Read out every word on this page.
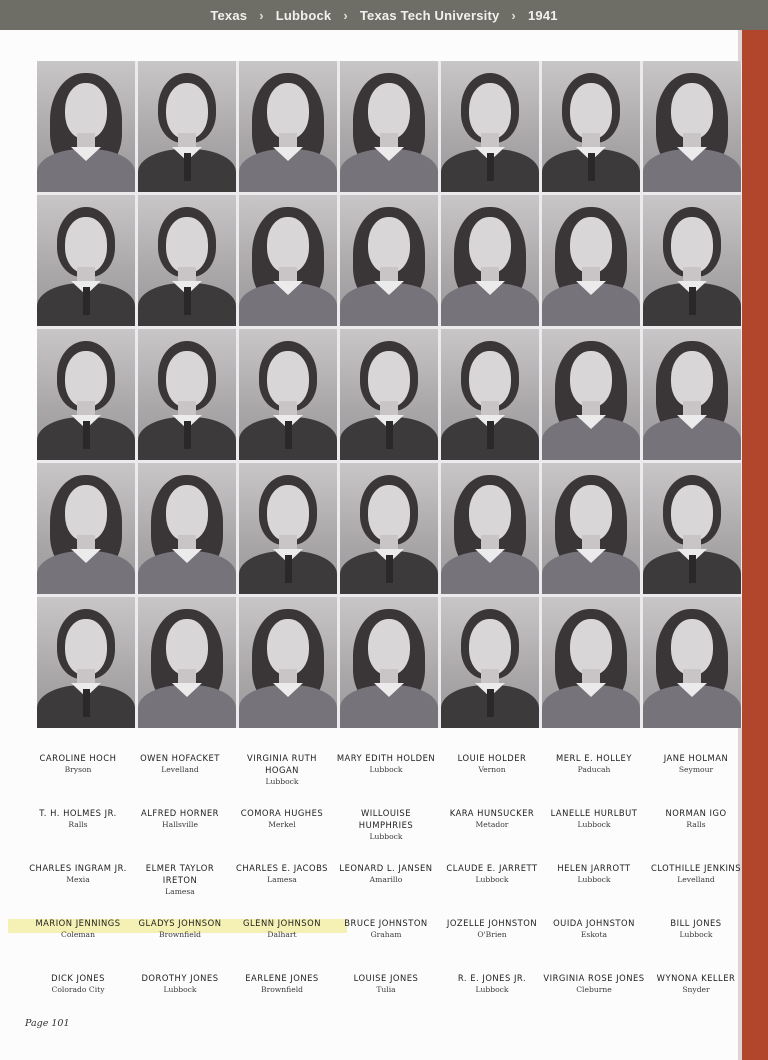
Texas › Lubbock › Texas Tech University › 1941
CAROLINE HOCH
Bryson
OWEN HOFACKET
Levelland
VIRGINIA RUTH HOGAN
Lubbock
MARY EDITH HOLDEN
Lubbock
LOUIE HOLDER
Vernon
MERL E. HOLLEY
Paducah
JANE HOLMAN
Seymour
T. H. HOLMES JR.
Ralls
ALFRED HORNER
Hallsville
COMORA HUGHES
Merkel
WILLOUISE HUMPHRIES
Lubbock
KARA HUNSUCKER
Metador
LANELLE HURLBUT
Lubbock
NORMAN IGO
Ralls
CHARLES INGRAM JR.
Mexia
ELMER TAYLOR IRETON
Lamesa
CHARLES E. JACOBS
Lamesa
LEONARD L. JANSEN
Amarillo
CLAUDE E. JARRETT
Lubbock
HELEN JARROTT
Lubbock
CLOTHILLE JENKINS
Levelland
MARION JENNINGS
Coleman
GLADYS JOHNSON
Brownfield
GLENN JOHNSON
Dalhart
BRUCE JOHNSTON
Graham
JOZELLE JOHNSTON
O'Brien
OUIDA JOHNSTON
Eskota
BILL JONES
Lubbock
DICK JONES
Colorado City
DOROTHY JONES
Lubbock
EARLENE JONES
Brownfield
LOUISE JONES
Tulia
R. E. JONES JR.
Lubbock
VIRGINIA ROSE JONES
Cleburne
WYNONA KELLER
Snyder
Page 101
